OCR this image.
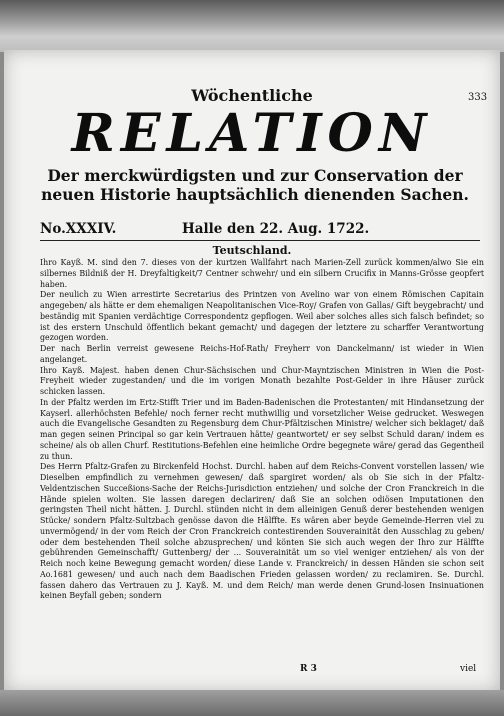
333
Wöchentliche
RELATION
Der merckwürdigsten und zur Conservation der neuen Historie hauptsächlich dienenden Sachen.
No.XXXIV.	Halle den 22. Aug. 1722.
Teutschland.

Ihro Kayß. M. sind den 7. dieses von der kurtzen Wallfahrt nach Marien-Zell zurück kommen/alwo Sie ein silbernes Bildniß der H. Dreyfaltigkeit/7 Centner schwehr/ und ein silbern Crucifix in Manns-Grösse geopfert haben.

Der neulich zu Wien arrestirte Secretarius des Printzen von Avelino war von einem Römischen Capitain angegeben/ als hätte er dem ehemaligen Neapolitanischen Vice-Roy/ Grafen von Gallas/ Gift beygebracht/ und beständig mit Spanien verdächtige Correspondentz gepflogen. Weil aber solches alles sich falsch befindet; so ist des erstern Unschuld öffentlich bekant gemacht/ und dagegen der letztere zu scharffer Verantwortung gezogen worden.

Der nach Berlin verreist gewesene Reichs-Hof-Rath/ Freyherr von Danckelmann/ ist wieder in Wien angelanget.

Ihro Kayß. Majest. haben denen Chur-Sächsischen und Chur-Mayntzischen Ministren in Wien die Post-Freyheit wieder zugestanden/ und die im vorigen Monath bezahlte Post-Gelder in ihre Häuser zurück schicken lassen.

In der Pfaltz werden im Ertz-Stifft Trier und im Baden-Badenischen die Protestanten/ mit Hindansetzung der Kayserl. allerhöchsten Befehle/ noch ferner recht muthwillig und vorsetzlicher Weise gedrucket. Weswegen auch die Evangelische Gesandten zu Regensburg dem Chur-Pfältzischen Ministre/ welcher sich beklaget/ daß man gegen seinen Principal so gar kein Vertrauen hätte/ geantwortet/ er sey selbst Schuld daran/ indem es scheine/ als ob allen Churf. Restitutions-Befehlen eine heimliche Ordre begegnete wäre/ gerad das Gegentheil zu thun.

Des Herrn Pfaltz-Grafen zu Birckenfeld Hochst. Durchl. haben auf dem Reichs-Convent vorstellen lassen/ wie Dieselben empfindlich zu vernehmen gewesen/ daß spargiret worden/ als ob Sie sich in der Pfaltz-Veldentzischen Succeßions-Sache der Reichs-Jurisdiction entziehen/ und solche der Cron Franckreich in die Hände spielen wolten. Sie lassen daregen declariren/ daß Sie an solchen odiösen Imputationen den geringsten Theil nicht hätten. J. Durchl. stünden nicht in dem alleinigen Genuß derer bestehenden wenigen Stücke/ sondern Pfaltz-Sultzbach genösse davon die Hälffte. Es wären aber beyde Gemeinde-Herren viel zu unvermögend/ in der vom Reich der Cron Franckreich contestirenden Souverainität den Ausschlag zu geben/ oder dem bestehenden Theil solche abzusprechen/ und könten Sie sich auch wegen der Ihro zur Hälffte gebührenden Gemeinschafft/ Guttenberg/ der ... Souverainität um so viel weniger entziehen/ als von der Reich noch keine Bewegung gemacht worden/ diese Lande v. Franckreich/ in dessen Händen sie schon seit Ao.1681 gewesen/ und auch nach dem Baadischen Frieden gelassen worden/ zu reclamiren. Se. Durchl. fassen dahero das Vertrauen zu J. Kayß. M. und dem Reich/ man werde denen Grund-losen Insinuationen keinen Beyfall geben; sondern

R 3	viel
